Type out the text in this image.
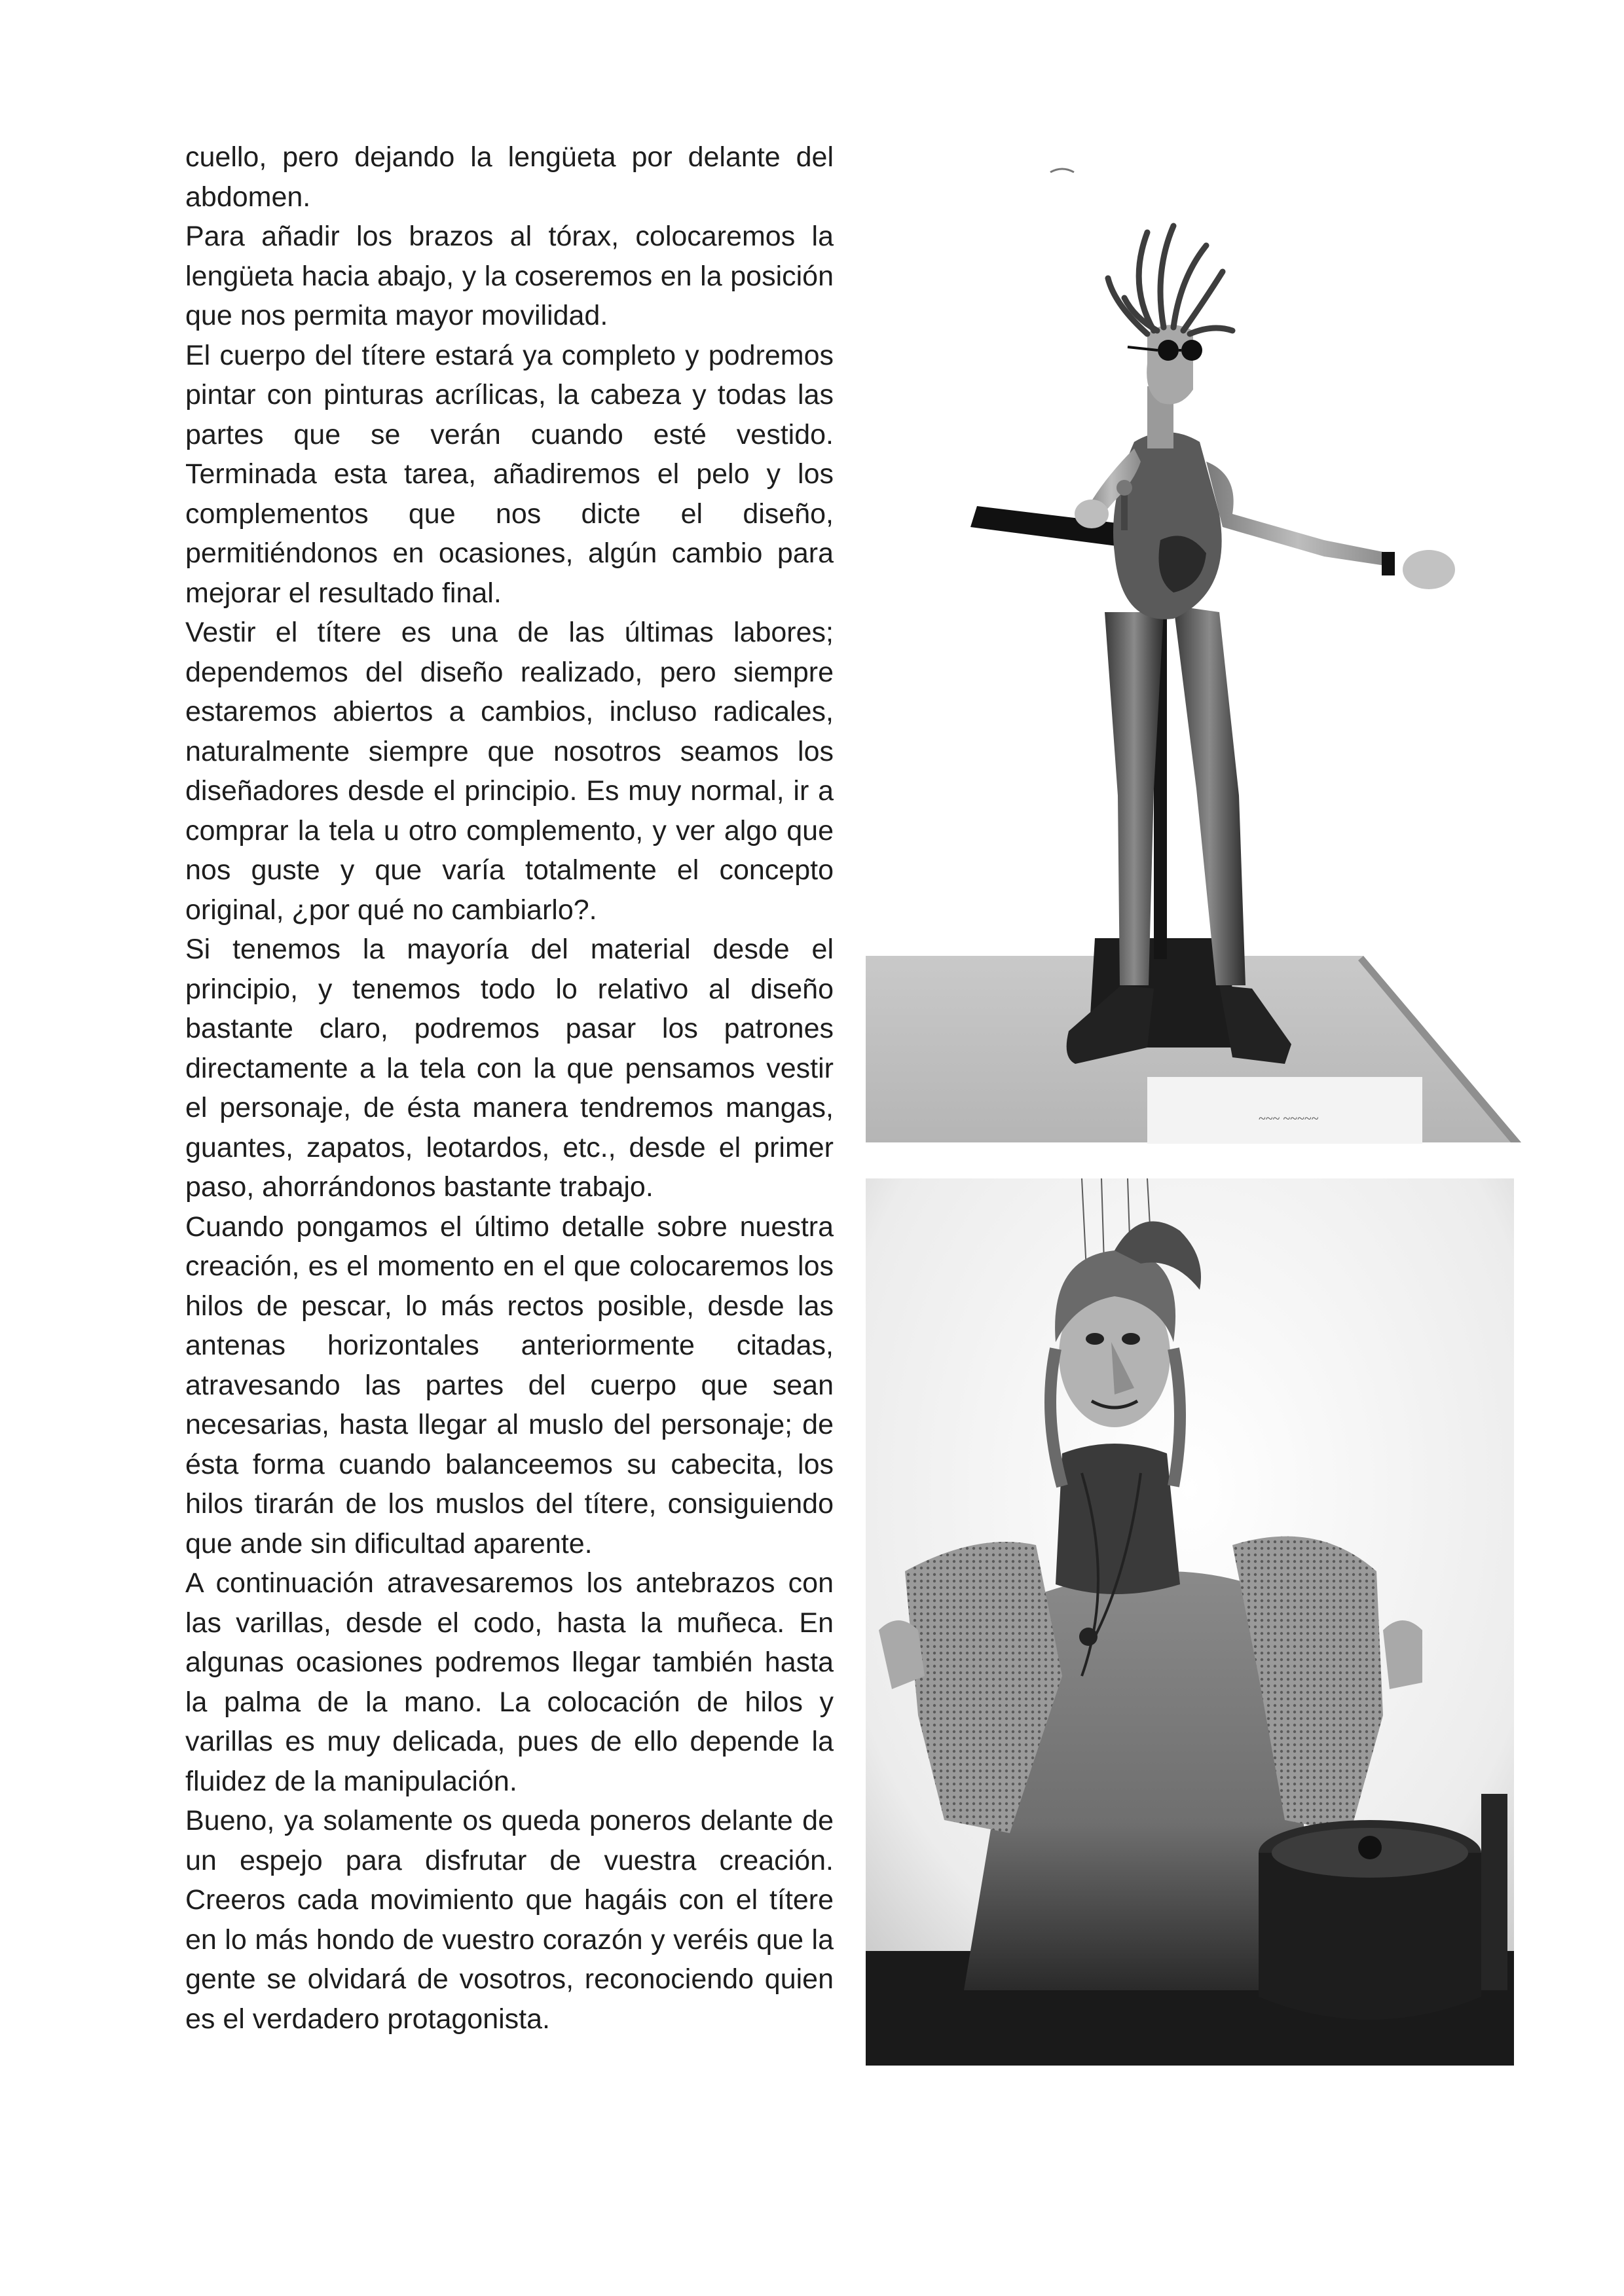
cuello, pero dejando la lengüeta por delante del abdomen.

Para añadir los brazos al tórax, colocaremos la lengüeta hacia abajo, y la coseremos en la posición que nos permita mayor movilidad.

El cuerpo del títere estará ya completo y podremos pintar con pinturas acrílicas, la cabeza y todas las partes que se verán cuando esté vestido. Terminada esta tarea, añadiremos el pelo y los complementos que nos dicte el diseño, permitiéndonos en ocasiones, algún cambio para mejorar el resultado final.

Vestir el títere es una de las últimas labores; dependemos del diseño realizado, pero siempre estaremos abiertos a cambios, incluso radicales, naturalmente siempre que nosotros seamos los diseñadores desde el principio. Es muy normal, ir a comprar la tela u otro complemento, y ver algo que nos guste y que varía totalmente el concepto original, ¿por qué no cambiarlo?.

Si tenemos la mayoría del material desde el principio, y tenemos todo lo relativo al diseño bastante claro, podremos pasar los patrones directamente a la tela con la que pensamos vestir el personaje, de ésta manera tendremos mangas, guantes, zapatos, leotardos, etc., desde el primer paso, ahorrándonos bastante trabajo.

Cuando pongamos el último detalle sobre nuestra creación, es el momento en el que colocaremos los hilos de pescar, lo más rectos posible, desde las antenas horizontales anteriormente citadas, atravesando las partes del cuerpo que sean necesarias, hasta llegar al muslo del personaje; de ésta forma cuando balanceemos su cabecita, los hilos tirarán de los muslos del títere, consiguiendo que ande sin dificultad aparente.

A continuación atravesaremos los antebrazos con las varillas, desde el codo, hasta la muñeca. En algunas ocasiones podremos llegar también hasta la palma de la mano. La colocación de hilos y varillas es muy delicada, pues de ello depende la fluidez de la manipulación.

Bueno, ya solamente os queda poneros delante de un espejo para disfrutar de vuestra creación. Creeros cada movimiento que hagáis con el títere en lo más hondo de vuestro corazón y veréis que la gente se olvidará de vosotros, reconociendo quien es el verdadero protagonista.

~~~ ~~~~~
